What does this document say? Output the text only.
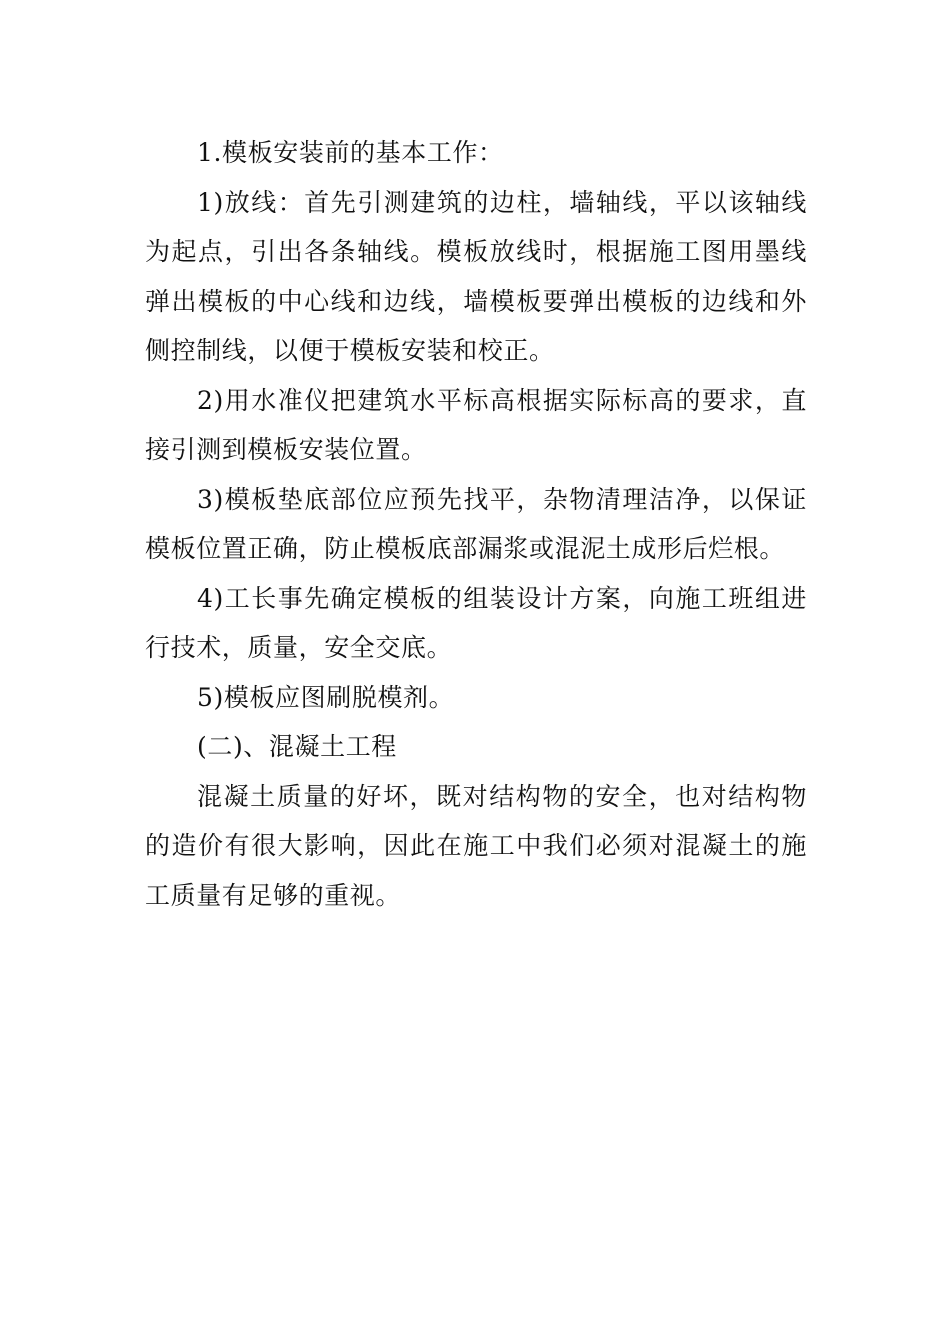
1.模板安装前的基本工作：

1)放线：首先引测建筑的边柱，墙轴线，平以该轴线为起点，引出各条轴线。模板放线时，根据施工图用墨线弹出模板的中心线和边线，墙模板要弹出模板的边线和外侧控制线，以便于模板安装和校正。

2)用水准仪把建筑水平标高根据实际标高的要求，直接引测到模板安装位置。

3)模板垫底部位应预先找平，杂物清理洁净，以保证模板位置正确，防止模板底部漏浆或混泥土成形后烂根。

4)工长事先确定模板的组装设计方案，向施工班组进行技术，质量，安全交底。

5)模板应图刷脱模剂。

(二)、混凝土工程

混凝土质量的好坏，既对结构物的安全，也对结构物的造价有很大影响，因此在施工中我们必须对混凝土的施工质量有足够的重视。
